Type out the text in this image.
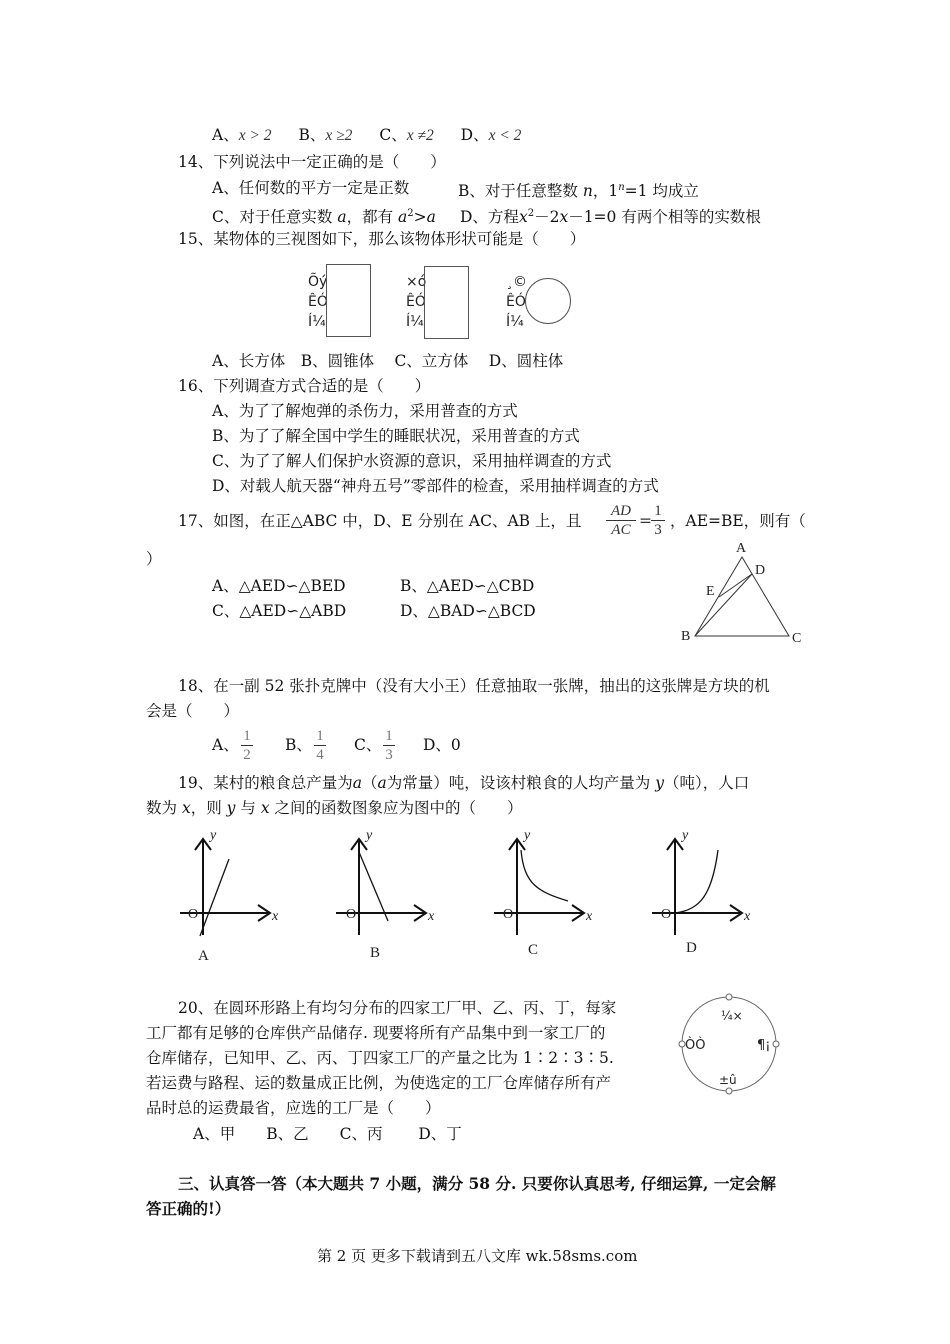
A、x > 2 B、x ≥2 C、x ≠2 D、x < 2
14、下列说法中一定正确的是（　　）
A、任何数的平方一定是正数	B、对于任意整数 n，$1^n=1$ 均成立
C、对于任意实数 a，都有 $a^2>a$ D、方程$x^2-2x-1=0$ 有两个相等的实数根
15、某物体的三视图如下，那么该物体形状可能是（　　）
Õý
ÊÓ
Í¼
×ó
ÊÓ
Í¼
¸©
ÊÓ
Í¼
A、长方体　B、圆锥体　 C、立方体　 D、圆柱体
16、下列调查方式合适的是（　　）
A、为了了解炮弹的杀伤力，采用普查的方式
B、为了了解全国中学生的睡眠状况，采用普查的方式
C、为了了解人们保护水资源的意识，采用抽样调查的方式
D、对载人航天器“神舟五号”零部件的检查，采用抽样调查的方式
17、如图，在正△ABC 中，D、E 分别在 AC、AB 上，且 $\frac{AD}{AC} = \frac{1}{3}$ ，AE=BE，则有（
）
A、△AED∽△BED	B、△AED∽△CBD
C、△AED∽△ABD	D、△BAD∽△BCD
A
D
E
B	C
18、在一副 52 张扑克牌中（没有大小王）任意抽取一张牌，抽出的这张牌是方块的机
会是（　　）
A、 $\frac{1}{2}$ B、 $\frac{1}{4}$ C、 $\frac{1}{3}$ D、0
19、某村的粮食总产量为a（a为常量）吨，设该村粮食的人均产量为 y（吨），人口
数为 x，则 y 与 x 之间的函数图象应为图中的（　　）
y
x
O
A
y
x
O
B
y
x
O
C
y
x
O
D
20、在圆环形路上有均匀分布的四家工厂甲、乙、丙、丁，每家
工厂都有足够的仓库供产品储存. 现要将所有产品集中到一家工厂的
仓库储存，已知甲、乙、丙、丁四家工厂的产量之比为 1∶2∶3∶5.
若运费与路程、运的数量成正比例，为使选定的工厂仓库储存所有产
品时总的运费最省，应选的工厂是（　　）
A、甲　　B、乙　　C、丙　　 D、丁
¼×
ÒÒ	¶¡
±û
三、认真答一答（本大题共 7 小题，满分 58 分. 只要你认真思考, 仔细运算, 一定会解
答正确的!）
第 2 页 更多下载请到五八文库 wk.58sms.com
